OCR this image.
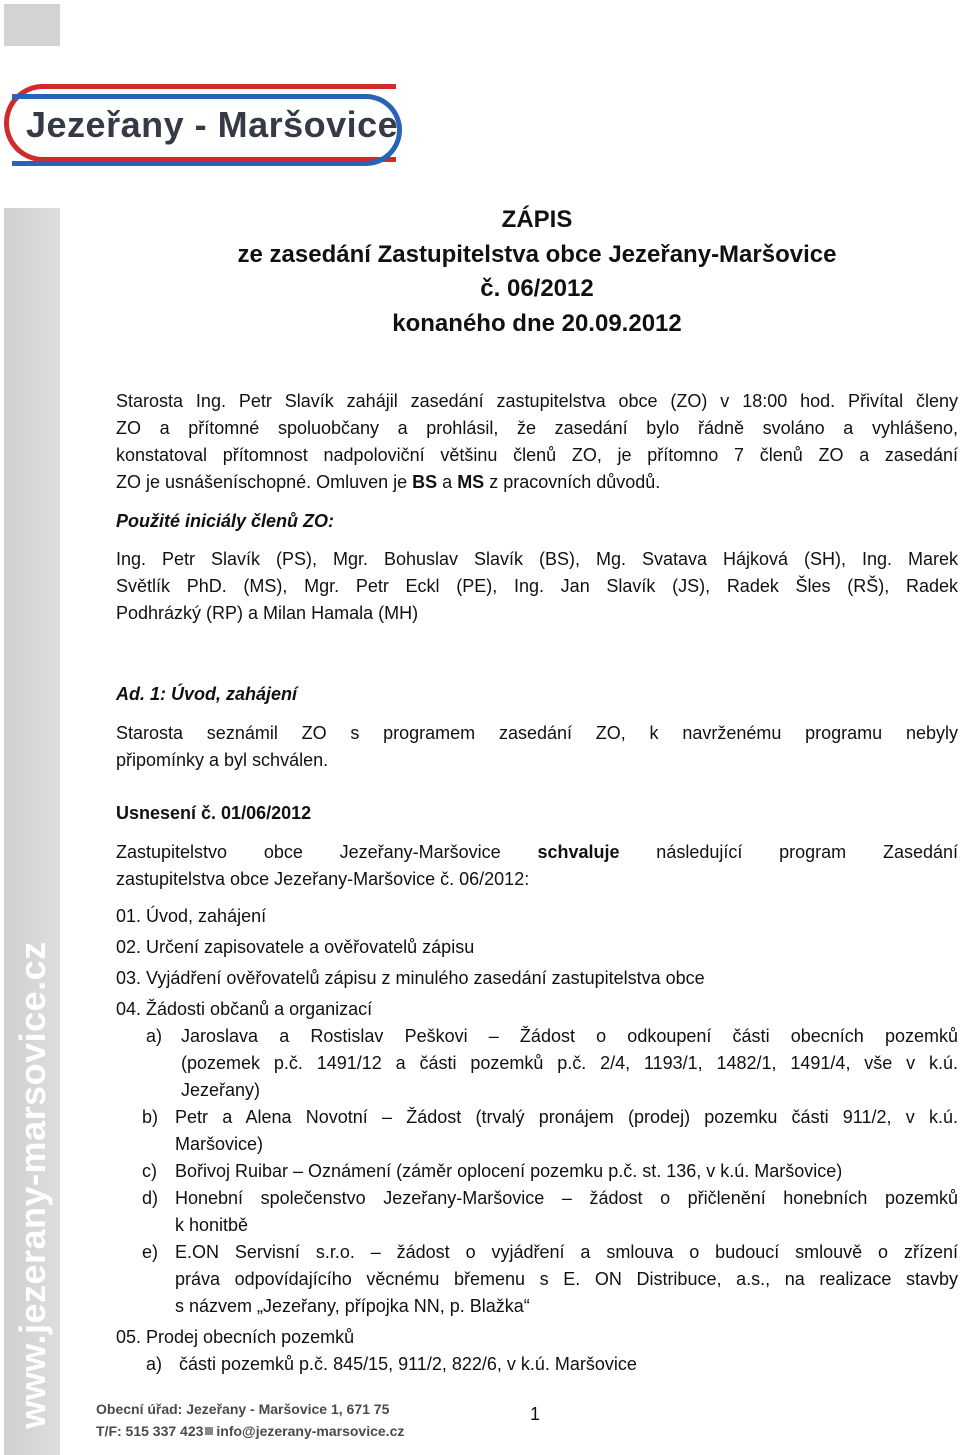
Jezeřany - Maršovice
www.jezerany-marsovice.cz
ZÁPIS
ze zasedání Zastupitelstva obce Jezeřany-Maršovice
č. 06/2012
konaného dne 20.09.2012
Starosta Ing. Petr Slavík zahájil zasedání zastupitelstva obce (ZO) v 18:00 hod. Přivítal členy
ZO a přítomné spoluobčany a prohlásil, že zasedání bylo řádně svoláno a vyhlášeno,
konstatoval přítomnost nadpoloviční většinu členů ZO, je přítomno 7 členů ZO a zasedání
ZO je usnášeníschopné. Omluven je BS a MS z pracovních důvodů.
Použité iniciály členů ZO:
Ing. Petr Slavík (PS), Mgr. Bohuslav Slavík (BS), Mg. Svatava Hájková (SH), Ing. Marek
Světlík PhD. (MS), Mgr. Petr Eckl (PE), Ing. Jan Slavík (JS), Radek Šles (RŠ), Radek
Podhrázký (RP) a Milan Hamala (MH)
Ad. 1: Úvod, zahájení
Starosta seznámil ZO s programem zasedání ZO, k navrženému programu nebyly
připomínky a byl schválen.
Usnesení č. 01/06/2012
Zastupitelstvo obce Jezeřany-Maršovice schvaluje následující program Zasedání
zastupitelstva obce Jezeřany-Maršovice č. 06/2012:
01. Úvod, zahájení
02. Určení zapisovatele a ověřovatelů zápisu
03. Vyjádření ověřovatelů zápisu z minulého zasedání zastupitelstva obce
04. Žádosti občanů a organizací
a) Jaroslava a Rostislav Peškovi – Žádost o odkoupení části obecních pozemků
(pozemek p.č. 1491/12 a části pozemků p.č. 2/4, 1193/1, 1482/1, 1491/4, vše v k.ú.
Jezeřany)
b) Petr a Alena Novotní – Žádost (trvalý pronájem (prodej) pozemku části 911/2, v k.ú.
Maršovice)
c) Bořivoj Ruibar – Oznámení (záměr oplocení pozemku p.č. st. 136, v k.ú. Maršovice)
d) Honební společenstvo Jezeřany-Maršovice – žádost o přičlenění honebních pozemků
k honitbě
e) E.ON Servisní s.r.o. – žádost o vyjádření a smlouva o budoucí smlouvě o zřízení
práva odpovídajícího věcnému břemenu s E. ON Distribuce, a.s., na realizace stavby
s názvem „Jezeřany, přípojka NN, p. Blažka“
05. Prodej obecních pozemků
a) části pozemků p.č. 845/15, 911/2, 822/6, v k.ú. Maršovice
Obecní úřad: Jezeřany - Maršovice 1, 671 75
T/F: 515 337 423 info@jezerany-marsovice.cz
1
